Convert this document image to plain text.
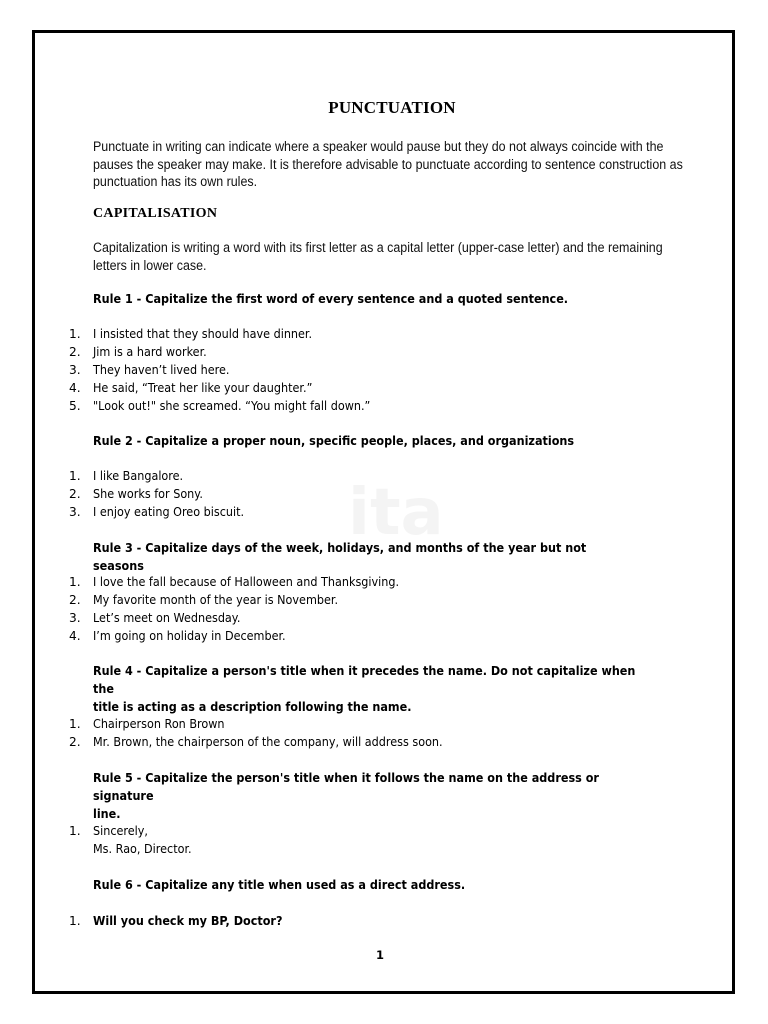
ita
PUNCTUATION
Punctuate in writing can indicate where a speaker would pause but they do not always coincide with the pauses the speaker may make. It is therefore advisable to punctuate according to sentence construction as punctuation has its own rules.
CAPITALISATION
Capitalization is writing a word with its first letter as a capital letter (upper-case letter) and the remaining letters in lower case.
Rule 1 - Capitalize the first word of every sentence and a quoted sentence.
1.	I insisted that they should have dinner.
2.	Jim is a hard worker.
3.	They haven’t lived here.
4.	He said, “Treat her like your daughter.”
5.	"Look out!" she screamed. “You might fall down.”
Rule 2 - Capitalize a proper noun, specific people, places, and organizations
1.	I like Bangalore.
2.	She works for Sony.
3.	I enjoy eating Oreo biscuit.
Rule 3 - Capitalize days of the week, holidays, and months of the year but not seasons
1.	I love the fall because of Halloween and Thanksgiving.
2.	My favorite month of the year is November.
3.	Let’s meet on Wednesday.
4.	I’m going on holiday in December.
Rule 4 - Capitalize a person's title when it precedes the name. Do not capitalize when the
title is acting as a description following the name.
1.	Chairperson Ron Brown
2.	Mr. Brown, the chairperson of the company, will address soon.
Rule 5 - Capitalize the person's title when it follows the name on the address or signature
line.
1.	Sincerely,
Ms. Rao, Director.
Rule 6 - Capitalize any title when used as a direct address.
1.	Will you check my BP, Doctor?
1
